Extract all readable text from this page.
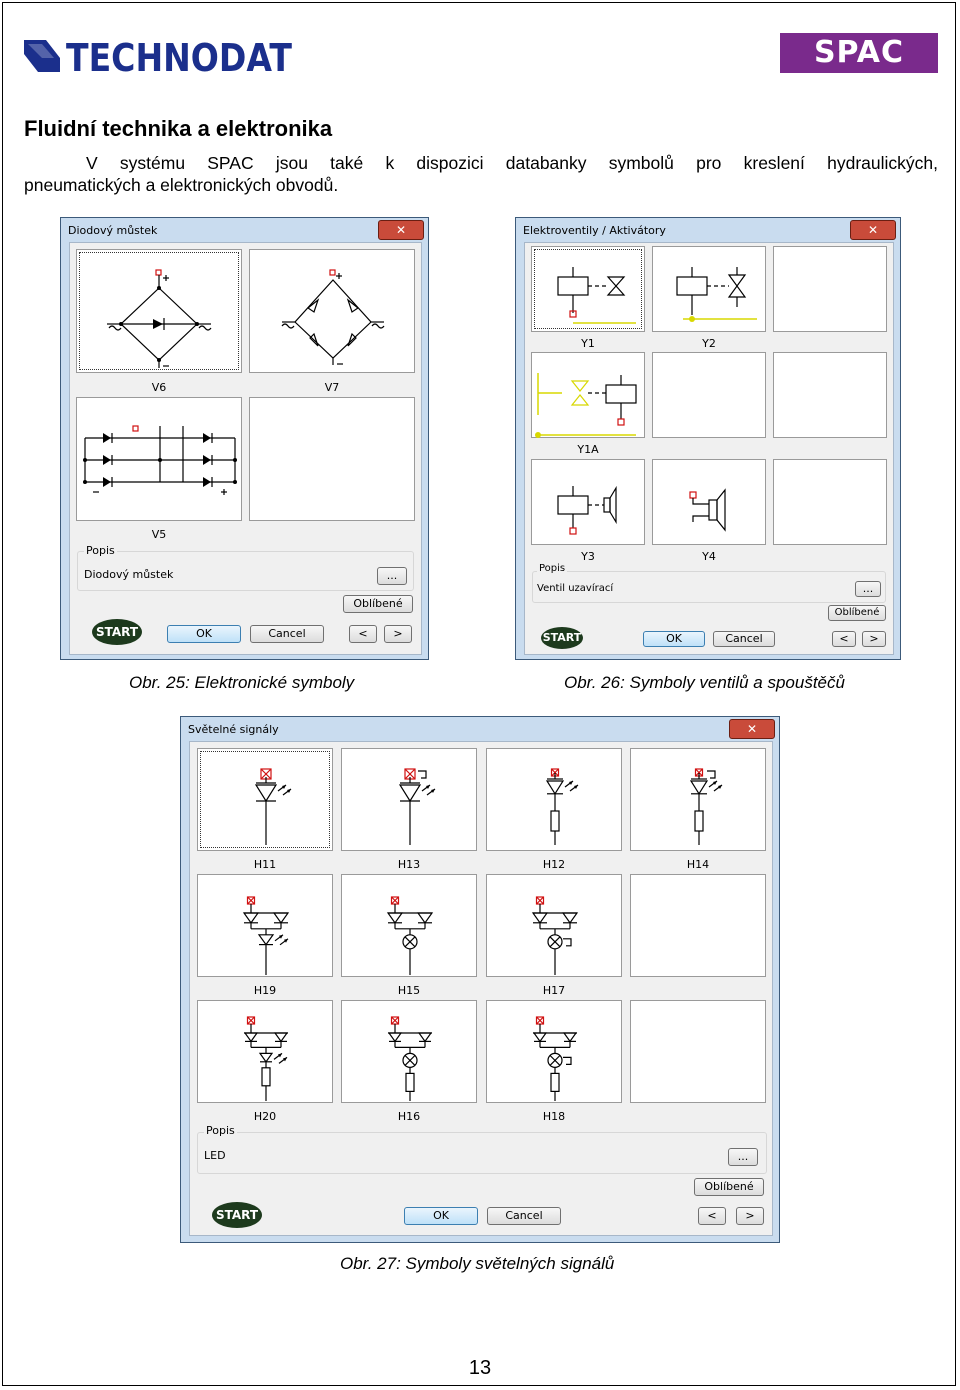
TECHNODAT	SPAC
Fluidní technika a elektronika
V systému SPAC jsou také k dispozici databanky symbolů pro kreslení hydraulických,
pneumatických a elektronických obvodů.
Diodový můstek	✕
V6	V7
V5
Popis
Diodový můstek	...
Oblíbené
START	OK	Cancel	<	>
Obr. 25: Elektronické symboly
Elektroventily / Aktivátory	✕
Y1	Y2
Y1A
Y3	Y4
Popis
Ventil uzavírací	...
Oblíbené
START	OK	Cancel	<	>
Obr. 26: Symboly ventilů a spouštěčů
Světelné signály	✕
H11	H13	H12	H14
H19	H15	H17
H20	H16	H18
Popis
LED	...
Oblíbené
START	OK	Cancel	<	>
Obr. 27: Symboly světelných signálů
13
